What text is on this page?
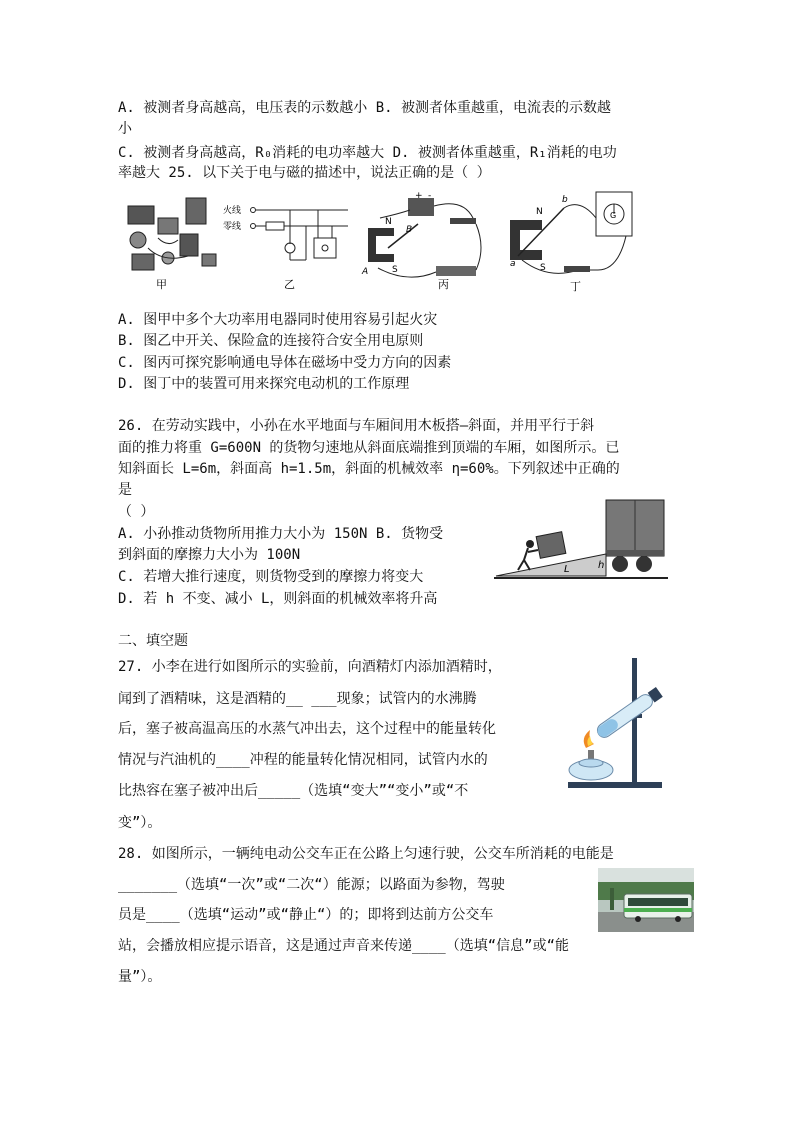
A. 被测者身高越高，电压表的示数越小 B. 被测者体重越重，电流表的示数越
小
C. 被测者身高越高，R₀消耗的电功率越大 D. 被测者体重越重，R₁消耗的电功
率越大 25. 以下关于电与磁的描述中，说法正确的是（ ）
甲
火线
零线
乙
N
S
A
B
+ -
丙
N
S
a
b
G
丁
A. 图甲中多个大功率用电器同时使用容易引起火灾
B. 图乙中开关、保险盒的连接符合安全用电原则
C. 图丙可探究影响通电导体在磁场中受力方向的因素
D. 图丁中的装置可用来探究电动机的工作原理
26. 在劳动实践中，小孙在水平地面与车厢间用木板搭—斜面，并用平行于斜
面的推力将重 G=600N 的货物匀速地从斜面底端推到顶端的车厢，如图所示。已
知斜面长 L=6m，斜面高 h=1.5m，斜面的机械效率 η=60%。下列叙述中正确的
是
（ ）
A. 小孙推动货物所用推力大小为 150N B. 货物受
到斜面的摩擦力大小为 100N
C. 若增大推行速度，则货物受到的摩擦力将变大
D. 若 h 不变、减小 L，则斜面的机械效率将升高
L	h
二、填空题
27. 小李在进行如图所示的实验前，向酒精灯内添加酒精时，
闻到了酒精味，这是酒精的__ ___现象；试管内的水沸腾
后，塞子被高温高压的水蒸气冲出去，这个过程中的能量转化
情况与汽油机的____冲程的能量转化情况相同，试管内水的
比热容在塞子被冲出后_____（选填“变大”“变小”或“不
变”）。
28. 如图所示，一辆纯电动公交车正在公路上匀速行驶，公交车所消耗的电能是
_______（选填“一次”或“二次“）能源；以路面为参物，驾驶
员是____（选填“运动”或“静止“）的；即将到达前方公交车
站，会播放相应提示语音，这是通过声音来传递____（选填“信息”或“能
量”）。
